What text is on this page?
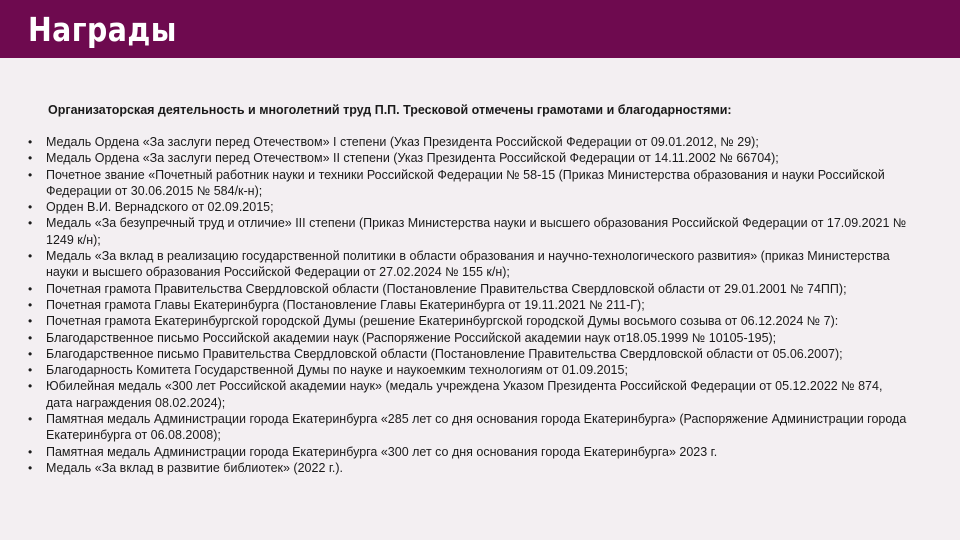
Награды
Организаторская деятельность и многолетний труд П.П. Тресковой отмечены грамотами и благодарностями:
• Медаль Ордена «За заслуги перед Отечеством» I степени (Указ Президента Российской Федерации от 09.01.2012, № 29);
• Медаль Ордена «За заслуги перед Отечеством» II степени (Указ Президента Российской Федерации от 14.11.2002 № 66704);
• Почетное звание «Почетный работник науки и техники Российской Федерации № 58-15 (Приказ Министерства образования и науки Российской Федерации от 30.06.2015 № 584/к-н);
• Орден В.И. Вернадского от 02.09.2015;
• Медаль «За безупречный труд и отличие» III степени (Приказ Министерства науки и высшего образования Российской Федерации от 17.09.2021 № 1249 к/н);
• Медаль «За вклад в реализацию государственной политики в области образования и научно-технологического развития» (приказ Министерства науки и высшего образования Российской Федерации от 27.02.2024 № 155 к/н);
• Почетная грамота Правительства Свердловской области (Постановление Правительства Свердловской области от 29.01.2001 № 74ПП);
• Почетная грамота Главы Екатеринбурга (Постановление Главы Екатеринбурга от 19.11.2021 № 211-Г);
• Почетная грамота Екатеринбургской городской Думы (решение Екатеринбургской городской Думы восьмого созыва от 06.12.2024 № 7):
• Благодарственное письмо Российской академии наук (Распоряжение Российской академии наук от18.05.1999 № 10105-195);
• Благодарственное письмо Правительства Свердловской области (Постановление Правительства Свердловской области от 05.06.2007);
• Благодарность Комитета Государственной Думы по науке и наукоемким технологиям от 01.09.2015;
• Юбилейная медаль «300 лет Российской академии наук» (медаль учреждена Указом Президента Российской Федерации от 05.12.2022 № 874, дата награждения 08.02.2024);
• Памятная медаль Администрации города Екатеринбурга «285 лет со дня основания города Екатеринбурга» (Распоряжение Администрации города Екатеринбурга от 06.08.2008);
• Памятная медаль Администрации города Екатеринбурга «300 лет со дня основания города Екатеринбурга» 2023 г.
• Медаль «За вклад в развитие библиотек» (2022 г.).
